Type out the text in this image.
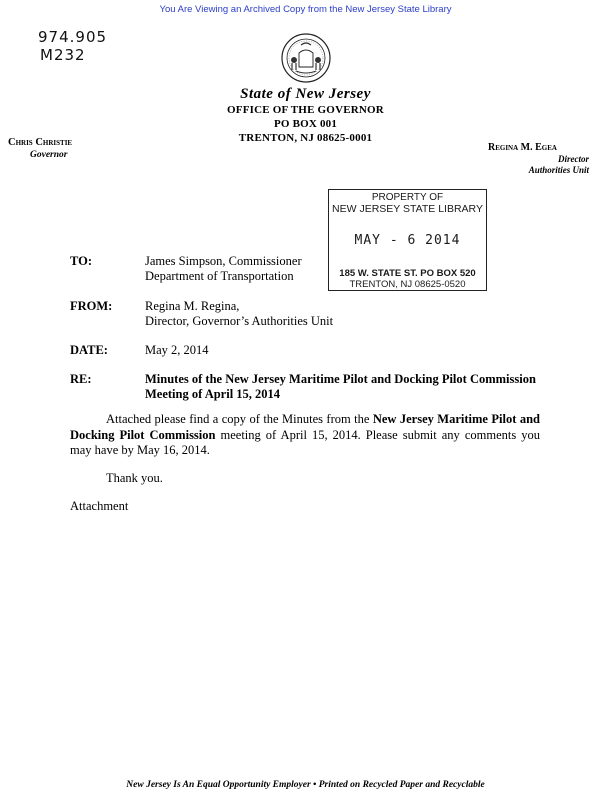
You Are Viewing an Archived Copy from the New Jersey State Library
974.905
M232
State of New Jersey
OFFICE OF THE GOVERNOR
PO BOX 001
TRENTON, NJ 08625-0001
Chris Christie
Governor
Regina M. Egea
Director
Authorities Unit
PROPERTY OF
NEW JERSEY STATE LIBRARY
MAY - 6 2014
185 W. STATE ST. PO BOX 520
TRENTON, NJ 08625-0520
TO:	James Simpson, Commissioner
Department of Transportation
FROM:	Regina M. Regina,
Director, Governor’s Authorities Unit
DATE:	May 2, 2014
RE:	Minutes of the New Jersey Maritime Pilot and Docking Pilot Commission Meeting of April 15, 2014
Attached please find a copy of the Minutes from the New Jersey Maritime Pilot and Docking Pilot Commission meeting of April 15, 2014. Please submit any comments you may have by May 16, 2014.
Thank you.
Attachment
New Jersey Is An Equal Opportunity Employer • Printed on Recycled Paper and Recyclable
